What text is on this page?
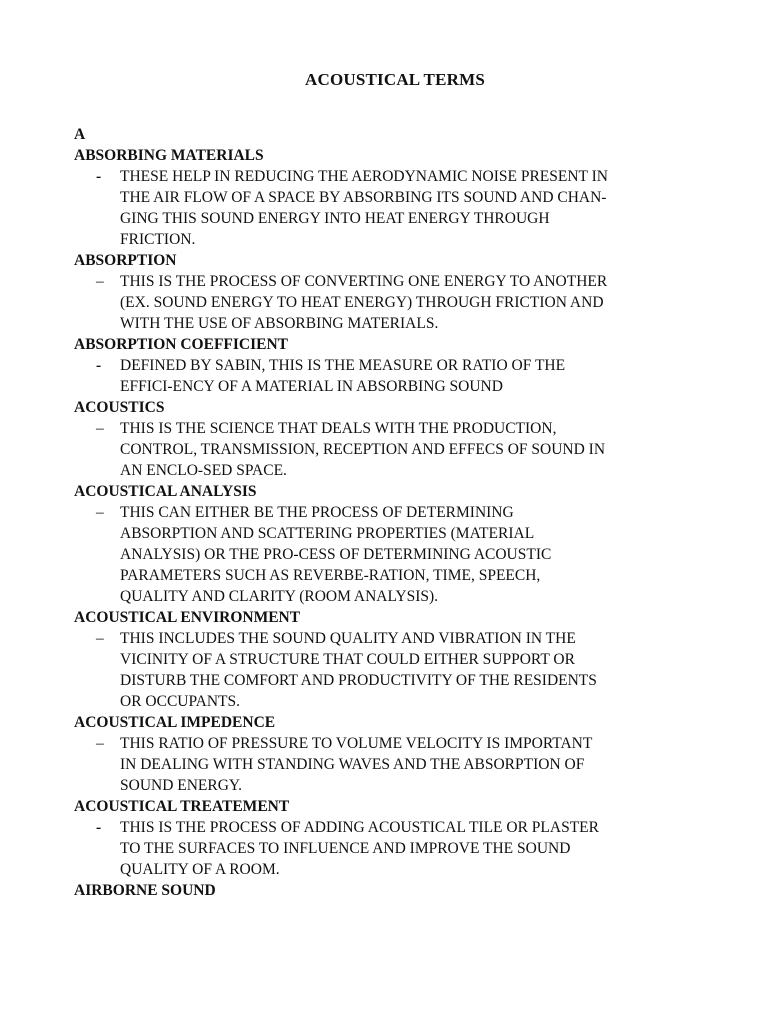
ACOUSTICAL TERMS

A

ABSORBING MATERIALS

-	THESE HELP IN REDUCING THE AERODYNAMIC NOISE PRESENT IN
THE AIR FLOW OF A SPACE BY ABSORBING ITS SOUND AND CHAN-
GING THIS SOUND ENERGY INTO HEAT ENERGY THROUGH
FRICTION.

ABSORPTION

–	THIS IS THE PROCESS OF CONVERTING ONE ENERGY TO ANOTHER
(EX. SOUND ENERGY TO HEAT ENERGY) THROUGH FRICTION AND
WITH THE USE OF ABSORBING MATERIALS.

ABSORPTION COEFFICIENT

-	DEFINED BY SABIN, THIS IS THE MEASURE OR RATIO OF THE
EFFICI-ENCY OF A MATERIAL IN ABSORBING SOUND

ACOUSTICS

–	THIS IS THE SCIENCE THAT DEALS WITH THE PRODUCTION,
CONTROL, TRANSMISSION, RECEPTION AND EFFECS OF SOUND IN
AN ENCLO-SED SPACE.

ACOUSTICAL ANALYSIS

–	THIS CAN EITHER BE THE PROCESS OF DETERMINING
ABSORPTION AND SCATTERING PROPERTIES (MATERIAL
ANALYSIS) OR THE PRO-CESS OF DETERMINING ACOUSTIC
PARAMETERS SUCH AS REVERBE-RATION, TIME, SPEECH,
QUALITY AND CLARITY (ROOM ANALYSIS).

ACOUSTICAL ENVIRONMENT

–	THIS INCLUDES THE SOUND QUALITY AND VIBRATION IN THE
VICINITY OF A STRUCTURE THAT COULD EITHER SUPPORT OR
DISTURB THE COMFORT AND PRODUCTIVITY OF THE RESIDENTS
OR OCCUPANTS.

ACOUSTICAL IMPEDENCE

–	THIS RATIO OF PRESSURE TO VOLUME VELOCITY IS IMPORTANT
IN DEALING WITH STANDING WAVES AND THE ABSORPTION OF
SOUND ENERGY.

ACOUSTICAL TREATEMENT

-	THIS IS THE PROCESS OF ADDING ACOUSTICAL TILE OR PLASTER
TO THE SURFACES TO INFLUENCE AND IMPROVE THE SOUND
QUALITY OF A ROOM.

AIRBORNE SOUND
